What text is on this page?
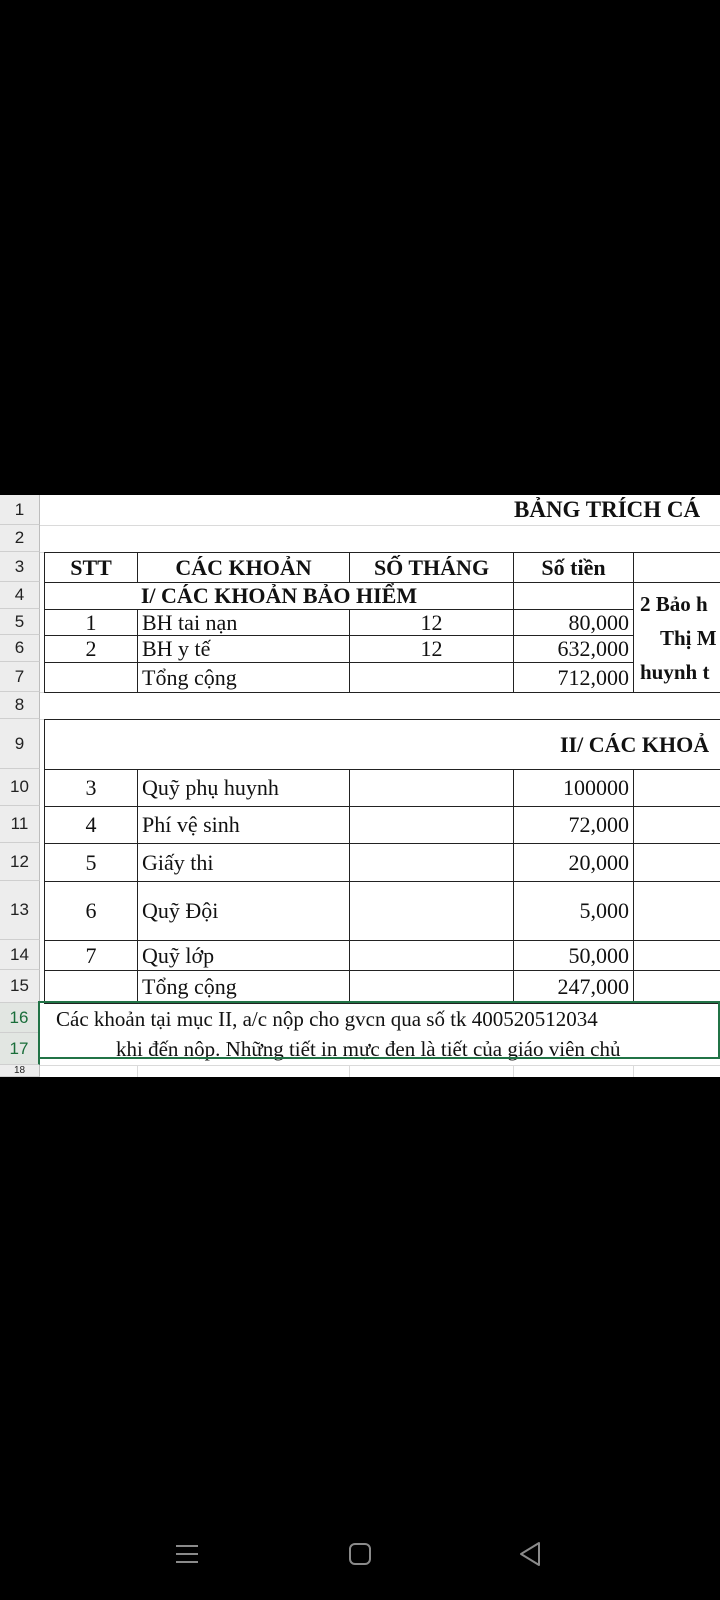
1
2
3
4
5
6
7
8
9
10
11
12
13
14
15
16
17
18
BẢNG TRÍCH CÁ
STT	CÁC KHOẢN	SỐ THÁNG	Số tiền
I/ CÁC KHOẢN BẢO HIỂM	2 Bảo h
Thị M
huynh t
1	BH tai nạn	12	80,000
2	BH y tế	12	632,000
Tổng cộng	712,000
II/ CÁC KHOẢ
3	Quỹ phụ huynh	100000
4	Phí vệ sinh	72,000
5	Giấy thi	20,000
6	Quỹ Đội	5,000
7	Quỹ lớp	50,000
Tổng cộng	247,000
Các khoản tại mục II, a/c nộp cho gvcn qua số tk 400520512034
khi đến nộp. Những tiết in mực đen là tiết của giáo viên chủ
